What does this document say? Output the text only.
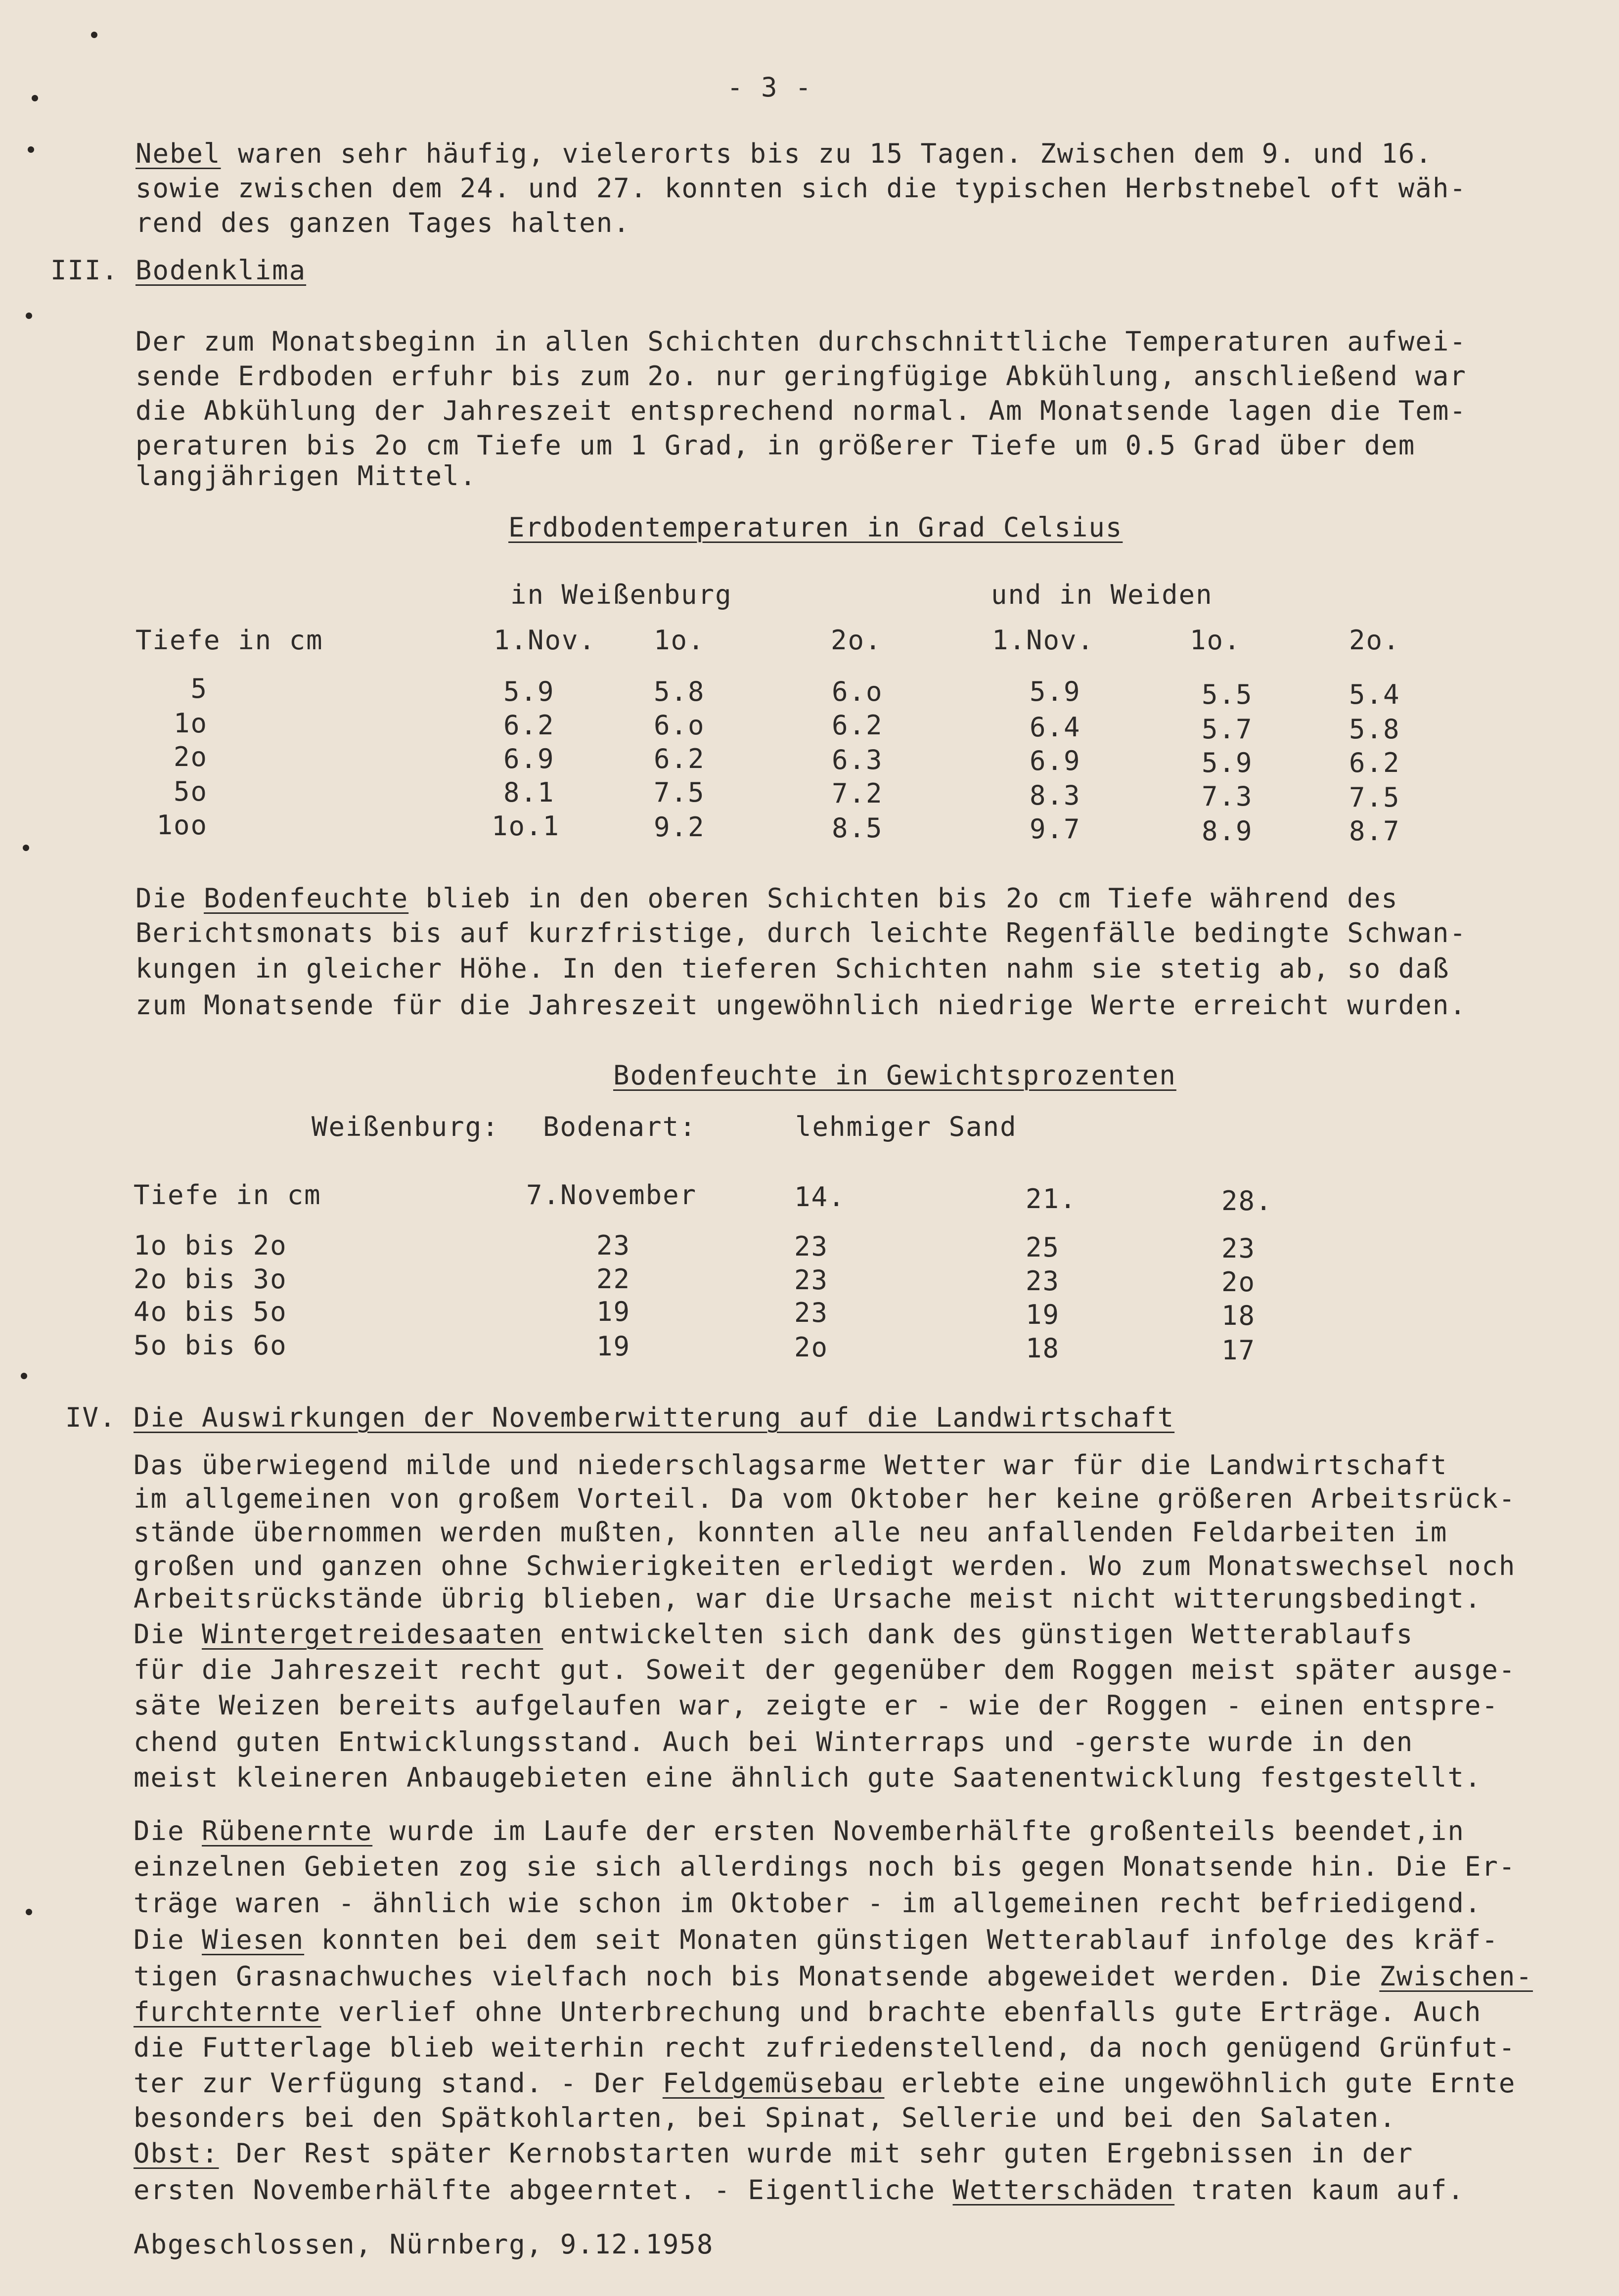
- 3 -

Nebel waren sehr häufig, vielerorts bis zu 15 Tagen. Zwischen dem 9. und 16.

sowie zwischen dem 24. und 27. konnten sich die typischen Herbstnebel oft wäh-

rend des ganzen Tages halten.

III. Bodenklima

Der zum Monatsbeginn in allen Schichten durchschnittliche Temperaturen aufwei-

sende Erdboden erfuhr bis zum 2o. nur geringfügige Abkühlung, anschließend war

die Abkühlung der Jahreszeit entsprechend normal. Am Monatsende lagen die Tem-

peraturen bis 2o cm Tiefe um 1 Grad, in größerer Tiefe um 0.5 Grad über dem

langjährigen Mittel.

Erdbodentemperaturen in Grad Celsius

in Weißenburg	und in Weiden

Tiefe in cm	1.Nov. 1o.	2o.	1.Nov.	1o.	2o.

5	5.9	5.8	6.o	5.9	5.5	5.4
1o	6.2	6.o	6.2	6.4	5.7	5.8
2o	6.9	6.2	6.3	6.9	5.9	6.2
5o	8.1	7.5	7.2	8.3	7.3	7.5
1oo	1o.1	9.2	8.5	9.7	8.9	8.7

Die Bodenfeuchte blieb in den oberen Schichten bis 2o cm Tiefe während des

Berichtsmonats bis auf kurzfristige, durch leichte Regenfälle bedingte Schwan-

kungen in gleicher Höhe. In den tieferen Schichten nahm sie stetig ab, so daß

zum Monatsende für die Jahreszeit ungewöhnlich niedrige Werte erreicht wurden.

Bodenfeuchte in Gewichtsprozenten

Weißenburg: Bodenart:	lehmiger Sand

Tiefe in cm	7.November	14.	21.	28.

1o bis 2o	23	23	25	23
2o bis 3o	22	23	23	2o
4o bis 5o	19	23	19	18
5o bis 6o	19	2o	18	17

IV. Die Auswirkungen der Novemberwitterung auf die Landwirtschaft

Das überwiegend milde und niederschlagsarme Wetter war für die Landwirtschaft

im allgemeinen von großem Vorteil. Da vom Oktober her keine größeren Arbeitsrück-

stände übernommen werden mußten, konnten alle neu anfallenden Feldarbeiten im

großen und ganzen ohne Schwierigkeiten erledigt werden. Wo zum Monatswechsel noch

Arbeitsrückstände übrig blieben, war die Ursache meist nicht witterungsbedingt.

Die Wintergetreidesaaten entwickelten sich dank des günstigen Wetterablaufs

für die Jahreszeit recht gut. Soweit der gegenüber dem Roggen meist später ausge-

säte Weizen bereits aufgelaufen war, zeigte er - wie der Roggen - einen entspre-

chend guten Entwicklungsstand. Auch bei Winterraps und -gerste wurde in den

meist kleineren Anbaugebieten eine ähnlich gute Saatenentwicklung festgestellt.

Die Rübenernte wurde im Laufe der ersten Novemberhälfte großenteils beendet,in

einzelnen Gebieten zog sie sich allerdings noch bis gegen Monatsende hin. Die Er-

träge waren - ähnlich wie schon im Oktober - im allgemeinen recht befriedigend.

Die Wiesen konnten bei dem seit Monaten günstigen Wetterablauf infolge des kräf-

tigen Grasnachwuches vielfach noch bis Monatsende abgeweidet werden. Die Zwischen-

furchternte verlief ohne Unterbrechung und brachte ebenfalls gute Erträge. Auch

die Futterlage blieb weiterhin recht zufriedenstellend, da noch genügend Grünfut-

ter zur Verfügung stand. - Der Feldgemüsebau erlebte eine ungewöhnlich gute Ernte

besonders bei den Spätkohlarten, bei Spinat, Sellerie und bei den Salaten.

Obst: Der Rest später Kernobstarten wurde mit sehr guten Ergebnissen in der

ersten Novemberhälfte abgeerntet. - Eigentliche Wetterschäden traten kaum auf.

Abgeschlossen, Nürnberg, 9.12.1958
